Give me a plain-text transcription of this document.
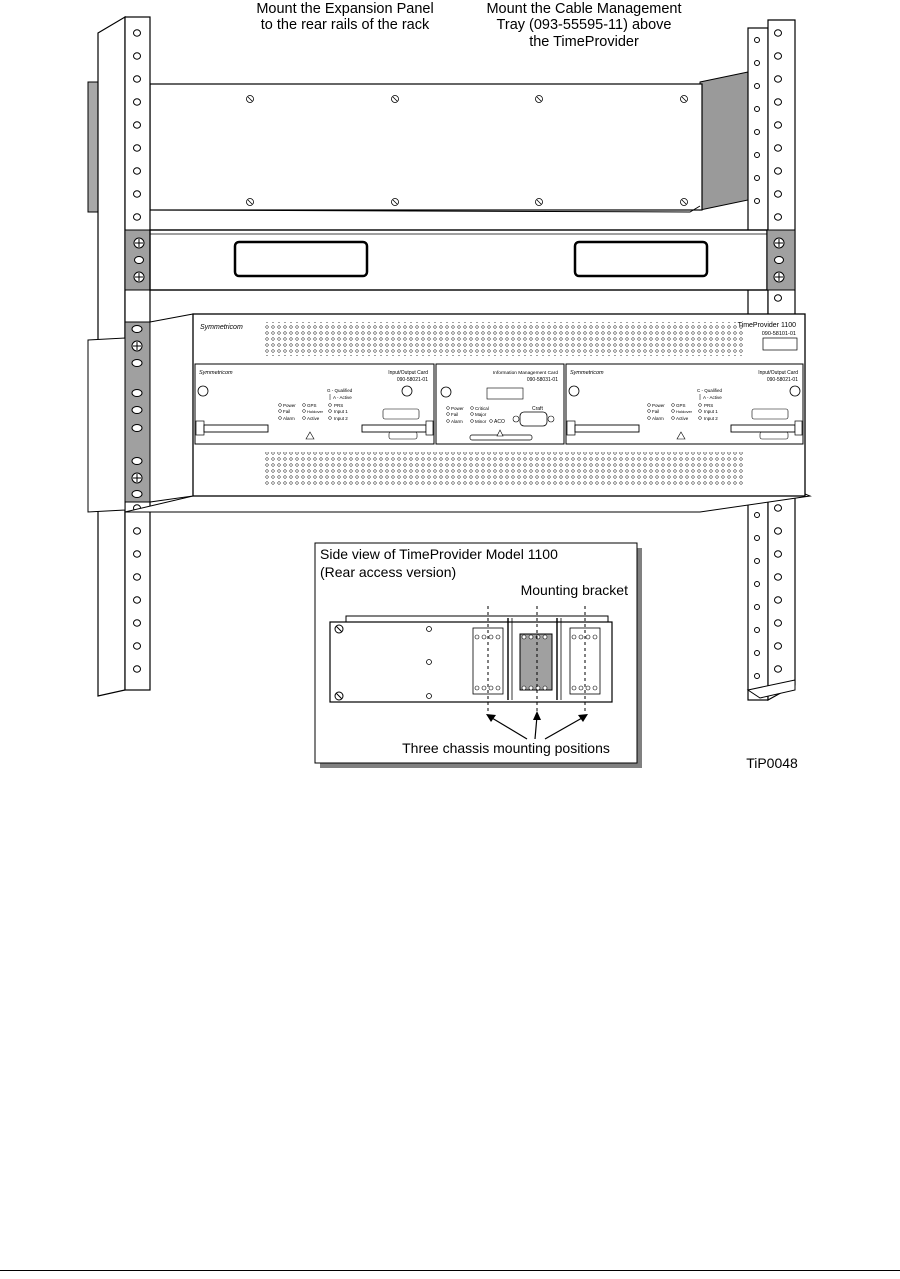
Symmetricom	TimeProvider 1100
090-58101-01
Symmetricom	Input/Output Card
090-58021-01
G - Qualified
A - Active
Power
Fail
Alarm
GPS
Holdover
Active
PRS
Input 1
Input 2
Information Management Card
090-58031-01
Power
Fail
Alarm
Critical
Major
Minor ACO
Craft
Symmetricom	Input/Output Card
090-58021-01
C - Qualified
A - Active
Power
Fail
Alarm
GPS
Holdover
Active
PRS
Input 1
Input 2
Mount the Expansion Panel
to the rear rails of the rack
Mount the Cable Management
Tray (093-55595-11) above
the TimeProvider
Side view of TimeProvider Model 1100
(Rear access version)
Mounting bracket
Three chassis mounting positions
TiP0048
